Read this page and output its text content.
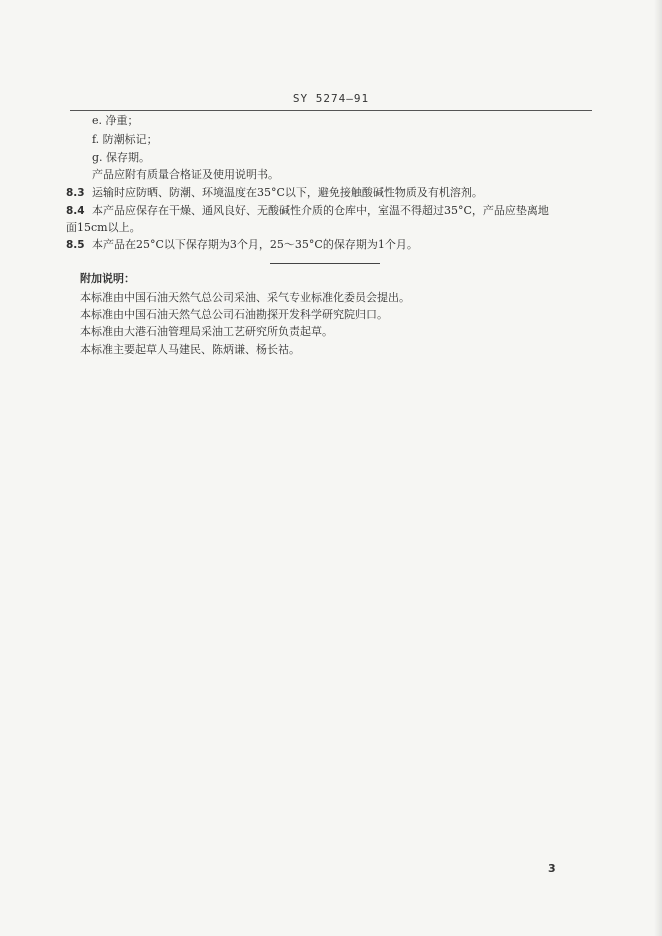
SY 5274—91
e. 净重；
f. 防潮标记；
g. 保存期。
产品应附有质量合格证及使用说明书。
8.3 运输时应防晒、防潮、环境温度在35°C以下，避免接触酸碱性物质及有机溶剂。
8.4 本产品应保存在干燥、通风良好、无酸碱性介质的仓库中，室温不得超过35°C，产品应垫离地
面15cm以上。
8.5 本产品在25°C以下保存期为3个月，25～35°C的保存期为1个月。
附加说明：
本标准由中国石油天然气总公司采油、采气专业标准化委员会提出。
本标准由中国石油天然气总公司石油勘探开发科学研究院归口。
本标准由大港石油管理局采油工艺研究所负责起草。
本标准主要起草人马建民、陈炳谦、杨长祜。
3
